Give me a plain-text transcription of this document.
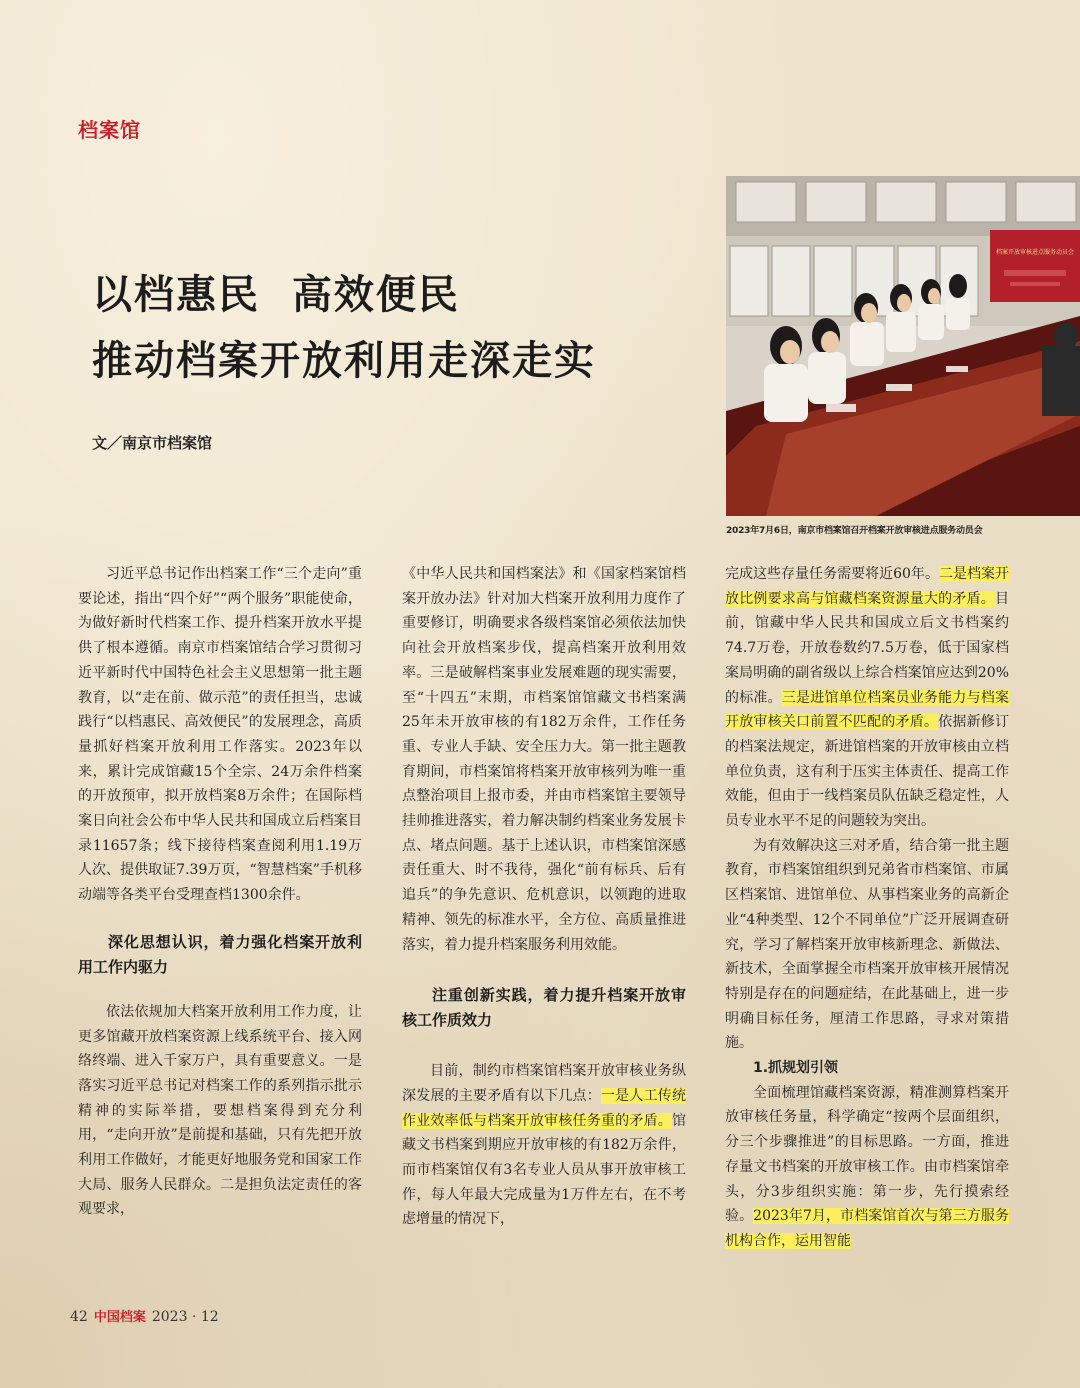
档案馆
以档惠民  高效便民
推动档案开放利用走深走实
文／南京市档案馆
档案开放审核进点服务动员会
2023年7月6日，南京市档案馆召开档案开放审核进点服务动员会

习近平总书记作出档案工作“三个走向”重要论述，指出“四个好”“两个服务”职能使命，为做好新时代档案工作、提升档案开放水平提供了根本遵循。南京市档案馆结合学习贯彻习近平新时代中国特色社会主义思想第一批主题教育，以“走在前、做示范”的责任担当，忠诚践行“以档惠民、高效便民”的发展理念，高质量抓好档案开放利用工作落实。2023年以来，累计完成馆藏15个全宗、24万余件档案的开放预审，拟开放档案8万余件；在国际档案日向社会公布中华人民共和国成立后档案目录11657条；线下接待档案查阅利用1.19万人次、提供取证7.39万页，“智慧档案”手机移动端等各类平台受理查档1300余件。

深化思想认识，着力强化档案开放利用工作内驱力

依法依规加大档案开放利用工作力度，让更多馆藏开放档案资源上线系统平台、接入网络终端、进入千家万户，具有重要意义。一是落实习近平总书记对档案工作的系列指示批示精神的实际举措，要想档案得到充分利用，“走向开放”是前提和基础，只有先把开放利用工作做好，才能更好地服务党和国家工作大局、服务人民群众。二是担负法定责任的客观要求，

《中华人民共和国档案法》和《国家档案馆档案开放办法》针对加大档案开放利用力度作了重要修订，明确要求各级档案馆必须依法加快向社会开放档案步伐，提高档案开放利用效率。三是破解档案事业发展难题的现实需要，至“十四五”末期，市档案馆馆藏文书档案满25年未开放审核的有182万余件，工作任务重、专业人手缺、安全压力大。第一批主题教育期间，市档案馆将档案开放审核列为唯一重点整治项目上报市委，并由市档案馆主要领导挂帅推进落实，着力解决制约档案业务发展卡点、堵点问题。基于上述认识，市档案馆深感责任重大、时不我待，强化“前有标兵、后有追兵”的争先意识、危机意识，以领跑的进取精神、领先的标准水平，全方位、高质量推进落实，着力提升档案服务利用效能。

注重创新实践，着力提升档案开放审核工作质效力

目前，制约市档案馆档案开放审核业务纵深发展的主要矛盾有以下几点：一是人工传统作业效率低与档案开放审核任务重的矛盾。馆藏文书档案到期应开放审核的有182万余件，而市档案馆仅有3名专业人员从事开放审核工作，每人年最大完成量为1万件左右，在不考虑增量的情况下，

完成这些存量任务需要将近60年。二是档案开放比例要求高与馆藏档案资源量大的矛盾。目前，馆藏中华人民共和国成立后文书档案约74.7万卷，开放卷数约7.5万卷，低于国家档案局明确的副省级以上综合档案馆应达到20%的标准。三是进馆单位档案员业务能力与档案开放审核关口前置不匹配的矛盾。依据新修订的档案法规定，新进馆档案的开放审核由立档单位负责，这有利于压实主体责任、提高工作效能，但由于一线档案员队伍缺乏稳定性，人员专业水平不足的问题较为突出。

为有效解决这三对矛盾，结合第一批主题教育，市档案馆组织到兄弟省市档案馆、市属区档案馆、进馆单位、从事档案业务的高新企业“4种类型、12个不同单位”广泛开展调查研究，学习了解档案开放审核新理念、新做法、新技术，全面掌握全市档案开放审核开展情况特别是存在的问题症结，在此基础上，进一步明确目标任务，厘清工作思路，寻求对策措施。

1.抓规划引领

全面梳理馆藏档案资源，精准测算档案开放审核任务量，科学确定“按两个层面组织，分三个步骤推进”的目标思路。一方面，推进存量文书档案的开放审核工作。由市档案馆牵头，分3步组织实施：第一步，先行摸索经验。2023年7月，市档案馆首次与第三方服务机构合作，运用智能

42 中国档案 2023 · 12
